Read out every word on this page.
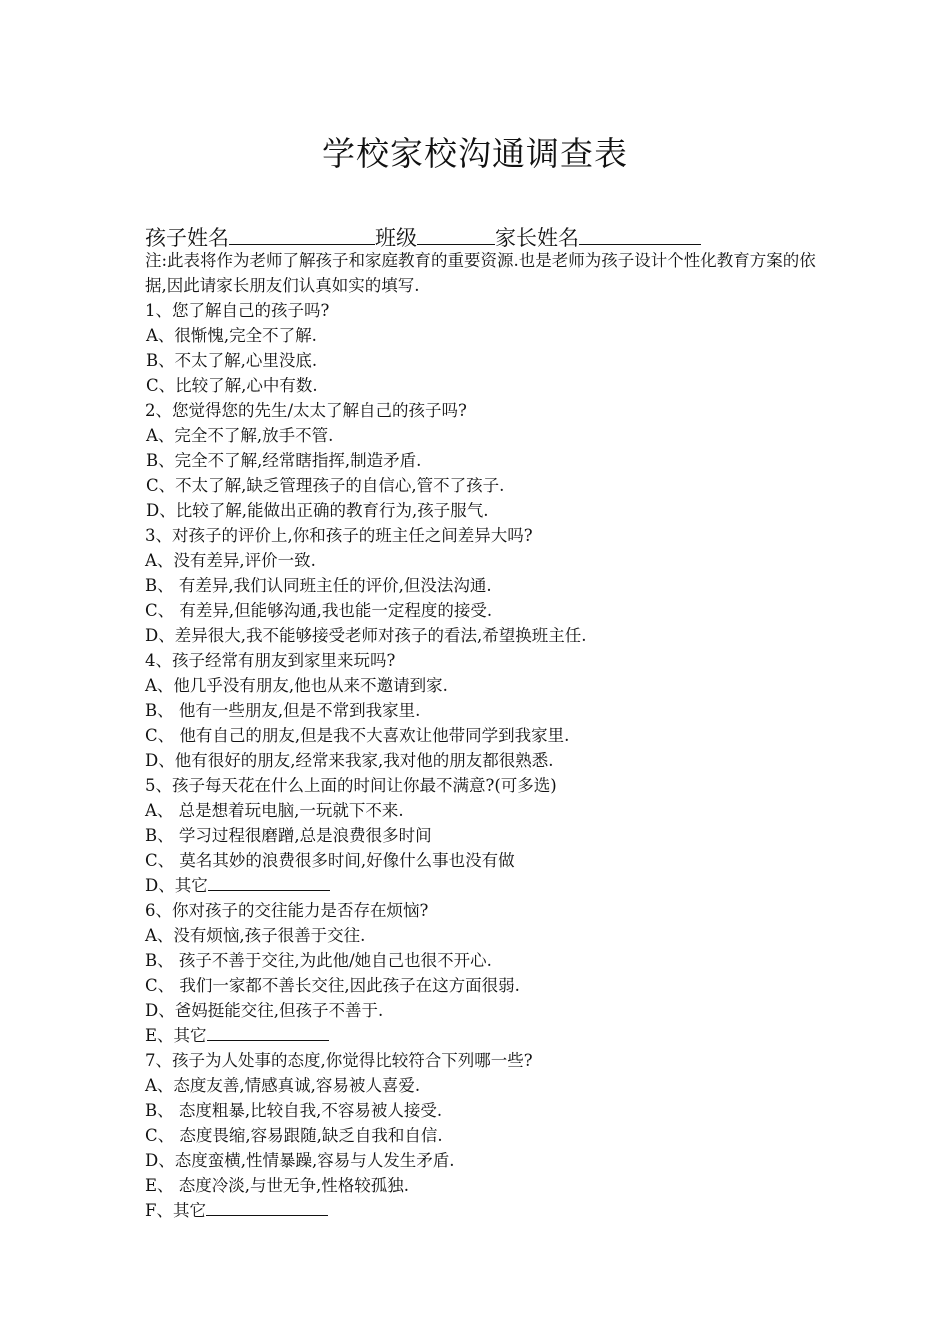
学校家校沟通调查表
孩子姓名	班级	家长姓名
注:此表将作为老师了解孩子和家庭教育的重要资源.也是老师为孩子设计个性化教育方案的依据,因此请家长朋友们认真如实的填写.
1、您了解自己的孩子吗?
A、很惭愧,完全不了解.
B、不太了解,心里没底.
C、比较了解,心中有数.
2、您觉得您的先生/太太了解自己的孩子吗?
A、完全不了解,放手不管.
B、完全不了解,经常瞎指挥,制造矛盾.
C、不太了解,缺乏管理孩子的自信心,管不了孩子.
D、比较了解,能做出正确的教育行为,孩子服气.
3、对孩子的评价上,你和孩子的班主任之间差异大吗?
A、没有差异,评价一致.
B、 有差异,我们认同班主任的评价,但没法沟通.
C、 有差异,但能够沟通,我也能一定程度的接受.
D、差异很大,我不能够接受老师对孩子的看法,希望换班主任.
4、孩子经常有朋友到家里来玩吗?
A、他几乎没有朋友,他也从来不邀请到家.
B、 他有一些朋友,但是不常到我家里.
C、 他有自己的朋友,但是我不大喜欢让他带同学到我家里.
D、他有很好的朋友,经常来我家,我对他的朋友都很熟悉.
5、孩子每天花在什么上面的时间让你最不满意?(可多选)
A、 总是想着玩电脑,一玩就下不来.
B、 学习过程很磨蹭,总是浪费很多时间
C、 莫名其妙的浪费很多时间,好像什么事也没有做
D、其它
6、你对孩子的交往能力是否存在烦恼?
A、没有烦恼,孩子很善于交往.
B、 孩子不善于交往,为此他/她自己也很不开心.
C、 我们一家都不善长交往,因此孩子在这方面很弱.
D、爸妈挺能交往,但孩子不善于.
E、其它
7、孩子为人处事的态度,你觉得比较符合下列哪一些?
A、态度友善,情感真诚,容易被人喜爱.
B、 态度粗暴,比较自我,不容易被人接受.
C、 态度畏缩,容易跟随,缺乏自我和自信.
D、态度蛮横,性情暴躁,容易与人发生矛盾.
E、 态度冷淡,与世无争,性格较孤独.
F、其它
